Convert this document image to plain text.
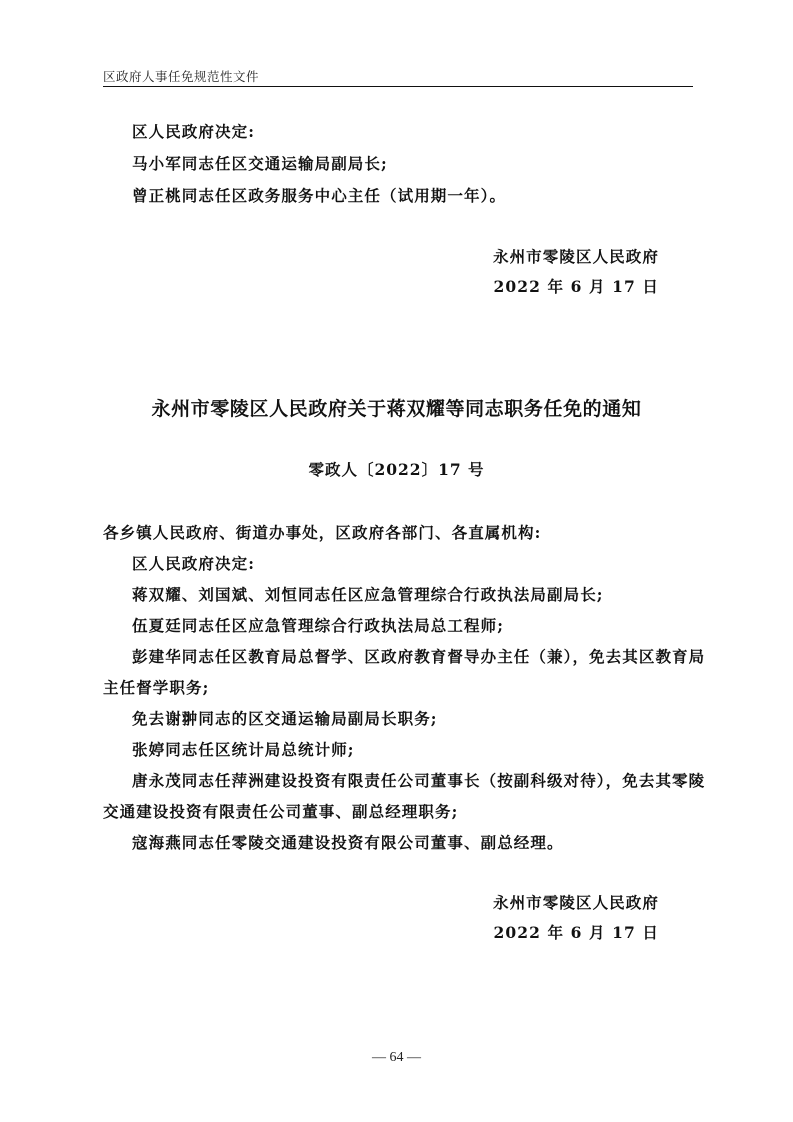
区政府人事任免规范性文件
区人民政府决定:
马小军同志任区交通运输局副局长;
曾正桃同志任区政务服务中心主任（试用期一年）。
永州市零陵区人民政府
2022 年 6 月 17 日
永州市零陵区人民政府关于蒋双耀等同志职务任免的通知
零政人〔2022〕17 号
各乡镇人民政府、街道办事处，区政府各部门、各直属机构:
区人民政府决定:
蒋双耀、刘国斌、刘恒同志任区应急管理综合行政执法局副局长;
伍夏廷同志任区应急管理综合行政执法局总工程师;
彭建华同志任区教育局总督学、区政府教育督导办主任（兼），免去其区教育局
主任督学职务;
免去谢翀同志的区交通运输局副局长职务;
张婷同志任区统计局总统计师;
唐永茂同志任萍洲建设投资有限责任公司董事长（按副科级对待），免去其零陵
交通建设投资有限责任公司董事、副总经理职务;
寇海燕同志任零陵交通建设投资有限公司董事、副总经理。
永州市零陵区人民政府
2022 年 6 月 17 日
— 64 —
